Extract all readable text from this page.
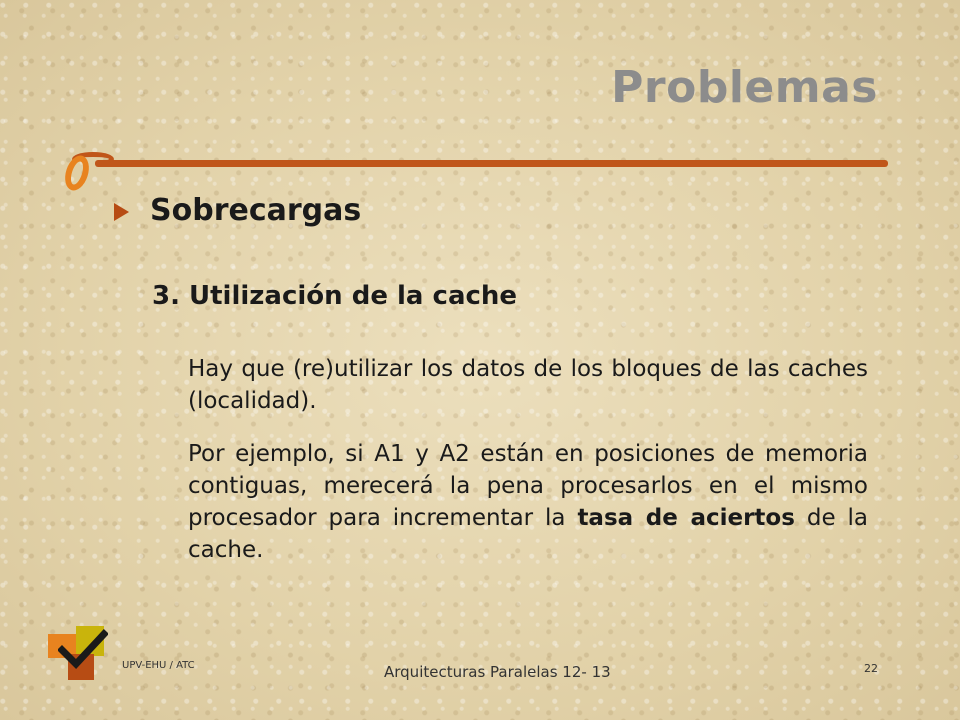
Problemas
Sobrecargas
3. Utilización de la cache
Hay que (re)utilizar los datos de los bloques de las caches (localidad).
Por ejemplo, si A1 y A2 están en posiciones de memoria contiguas, merecerá la pena procesarlos en el mismo procesador para incrementar la tasa de aciertos de la cache.
UPV-EHU / ATC	Arquitecturas Paralelas 12- 13	22
